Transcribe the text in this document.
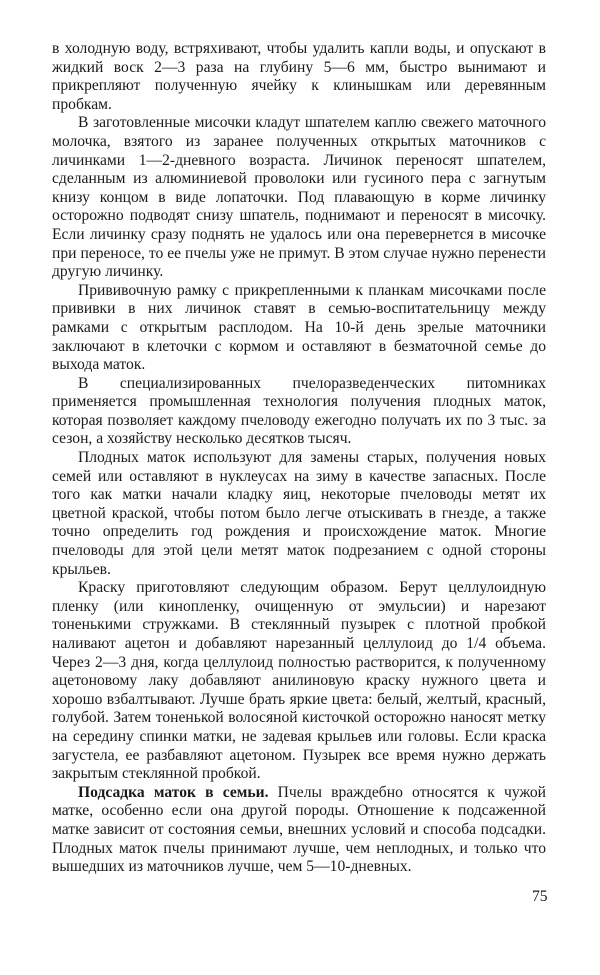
в холодную воду, встряхивают, чтобы удалить капли воды, и опускают в жидкий воск 2—3 раза на глубину 5—6 мм, быстро вынимают и прикрепляют полученную ячейку к клинышкам или деревянным пробкам.

В заготовленные мисочки кладут шпателем каплю свежего маточного молочка, взятого из заранее полученных открытых маточников с личинками 1—2-дневного возраста. Личинок переносят шпателем, сделанным из алюминиевой проволоки или гусиного пера с загнутым книзу концом в виде лопаточки. Под плавающую в корме личинку осторожно подводят снизу шпатель, поднимают и переносят в мисочку. Если личинку сразу поднять не удалось или она перевернется в мисочке при переносе, то ее пчелы уже не примут. В этом случае нужно перенести другую личинку.

Прививочную рамку с прикрепленными к планкам мисочками после прививки в них личинок ставят в семью-воспитательницу между рамками с открытым расплодом. На 10-й день зрелые маточники заключают в клеточки с кормом и оставляют в безматочной семье до выхода маток.

В специализированных пчелоразведенческих питомниках применяется промышленная технология получения плодных маток, которая позволяет каждому пчеловоду ежегодно получать их по 3 тыс. за сезон, а хозяйству несколько десятков тысяч.

Плодных маток используют для замены старых, получения новых семей или оставляют в нуклеусах на зиму в качестве запасных. После того как матки начали кладку яиц, некоторые пчеловоды метят их цветной краской, чтобы потом было легче отыскивать в гнезде, а также точно определить год рождения и происхождение маток. Многие пчеловоды для этой цели метят маток подрезанием с одной стороны крыльев.

Краску приготовляют следующим образом. Берут целлулоидную пленку (или кинопленку, очищенную от эмульсии) и нарезают тоненькими стружками. В стеклянный пузырек с плотной пробкой наливают ацетон и добавляют нарезанный целлулоид до 1/4 объема. Через 2—3 дня, когда целлулоид полностью растворится, к полученному ацетоновому лаку добавляют анилиновую краску нужного цвета и хорошо взбалтывают. Лучше брать яркие цвета: белый, желтый, красный, голубой. Затем тоненькой волосяной кисточкой осторожно наносят метку на середину спинки матки, не задевая крыльев или головы. Если краска загустела, ее разбавляют ацетоном. Пузырек все время нужно держать закрытым стеклянной пробкой.

Подсадка маток в семьи. Пчелы враждебно относятся к чужой матке, особенно если она другой породы. Отношение к подсаженной матке зависит от состояния семьи, внешних условий и способа подсадки. Плодных маток пчелы принимают лучше, чем неплодных, и только что вышедших из маточников лучше, чем 5—10-дневных.

75
